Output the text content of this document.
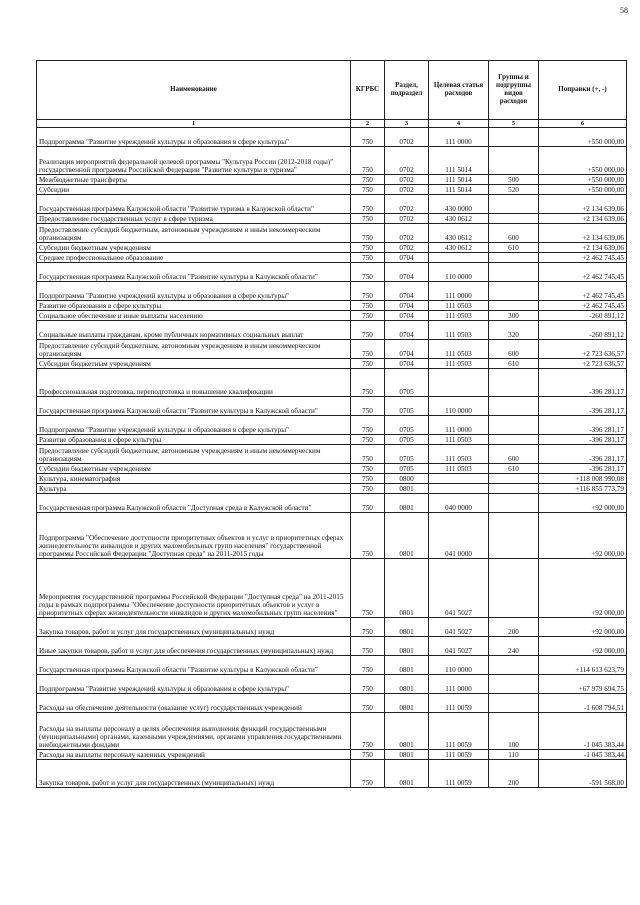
58
Наименование	КГРБС	Раздел, подраздел	Целевая статья расходов	Группы и подгруппы видов расходов	Поправки (+, -)
1	2	3	4	5	6
Подпрограмма "Развитие учреждений культуры и образования в сфере культуры"	750	0702	111 0000		+550 000,00
Реализация мероприятий федеральной целевой программы "Культура России (2012-2018 годы)" государственной программы Российской Федерации "Развитие культуры и туризма"	750	0702	111 5014		+550 000,00
Межбюджетные трансферты	750	0702	111 5014	500	+550 000,00
Субсидии	750	0702	111 5014	520	+550 000,00
Государственная программа Калужской области "Развитие туризма в Калужской области"	750	0702	430 0000		+2 134 639,06
Предоставление государственных услуг в сфере туризма	750	0702	430 0612		+2 134 639,06
Предоставление субсидий бюджетным, автономным учреждениям и иным некоммерческим организациям	750	0702	430 0612	600	+2 134 639,06
Субсидии бюджетным учреждениям	750	0702	430 0612	610	+2 134 639,06
Среднее профессиональное образование	750	0704			+2 462 745,45
Государственная программа Калужской области "Развитие культуры в Калужской области"	750	0704	110 0000		+2 462 745,45
Подпрограмма "Развитие учреждений культуры и образования в сфере культуры"	750	0704	111 0000		+2 462 745,45
Развитие образования в сфере культуры	750	0704	111 0503		+2 462 745,45
Социальное обеспечение и иные выплаты населению	750	0704	111 0503	300	-260 891,12
Социальные выплаты гражданам, кроме публичных нормативных социальных выплат	750	0704	111 0503	320	-260 891,12
Предоставление субсидий бюджетным, автономным учреждениям и иным некоммерческим организациям	750	0704	111 0503	600	+2 723 636,57
Субсидии бюджетным учреждениям	750	0704	111 0503	610	+2 723 636,57
Профессиональная подготовка, переподготовка и повышение квалификации	750	0705			-396 281,17
Государственная программа Калужской области "Развитие культуры в Калужской области"	750	0705	110 0000		-396 281,17
Подпрограмма "Развитие учреждений культуры и образования в сфере культуры"	750	0705	111 0000		-396 281,17
Развитие образования в сфере культуры	750	0705	111 0503		-396 281,17
Предоставление субсидий бюджетным, автономным учреждениям и иным некоммерческим организациям	750	0705	111 0503	600	-396 281,17
Субсидии бюджетным учреждениям	750	0705	111 0503	610	-396 281,17
Культура, кинематография	750	0800			+118 008 990,08
Культура	750	0801			+116 855 773,79
Государственная программа Калужской области "Доступная среда в Калужской области"	750	0801	040 0000		+92 000,00
Подпрограмма "Обеспечение доступности приоритетных объектов и услуг в приоритетных сферах жизнедеятельности инвалидов и других маломобильных групп населения" государственной программы Российской Федерации "Доступная среда" на 2011-2015 годы	750	0801	041 0000		+92 000,00
Мероприятия государственной программы Российской Федерации "Доступная среда" на 2011-2015 годы в рамках подпрограммы "Обеспечение доступности приоритетных объектов и услуг в приоритетных сферах жизнедеятельности инвалидов и других маломобильных групп населения"	750	0801	041 5027		+92 000,00
Закупка товаров, работ и услуг для государственных (муниципальных) нужд	750	0801	041 5027	200	+92 000,00
Иные закупки товаров, работ и услуг для обеспечения государственных (муниципальных) нужд	750	0801	041 5027	240	+92 000,00
Государственная программа Калужской области "Развитие культуры в Калужской области"	750	0801	110 0000		+114 613 623,79
Подпрограмма "Развитие учреждений культуры и образования в сфере культуры"	750	0801	111 0000		+67 979 694,75
Расходы на обеспечение деятельности (оказание услуг) государственных учреждений	750	0801	111 0059		-1 608 794,51
Расходы на выплаты персоналу в целях обеспечения выполнения функций государственными (муниципальными) органами, казенными учреждениями, органами управления государственными внебюджетными фондами	750	0801	111 0059	100	-1 045 383,44
Расходы на выплаты персоналу казенных учреждений	750	0801	111 0059	110	-1 045 383,44
Закупка товаров, работ и услуг для государственных (муниципальных) нужд	750	0801	111 0059	200	-591 568,00
